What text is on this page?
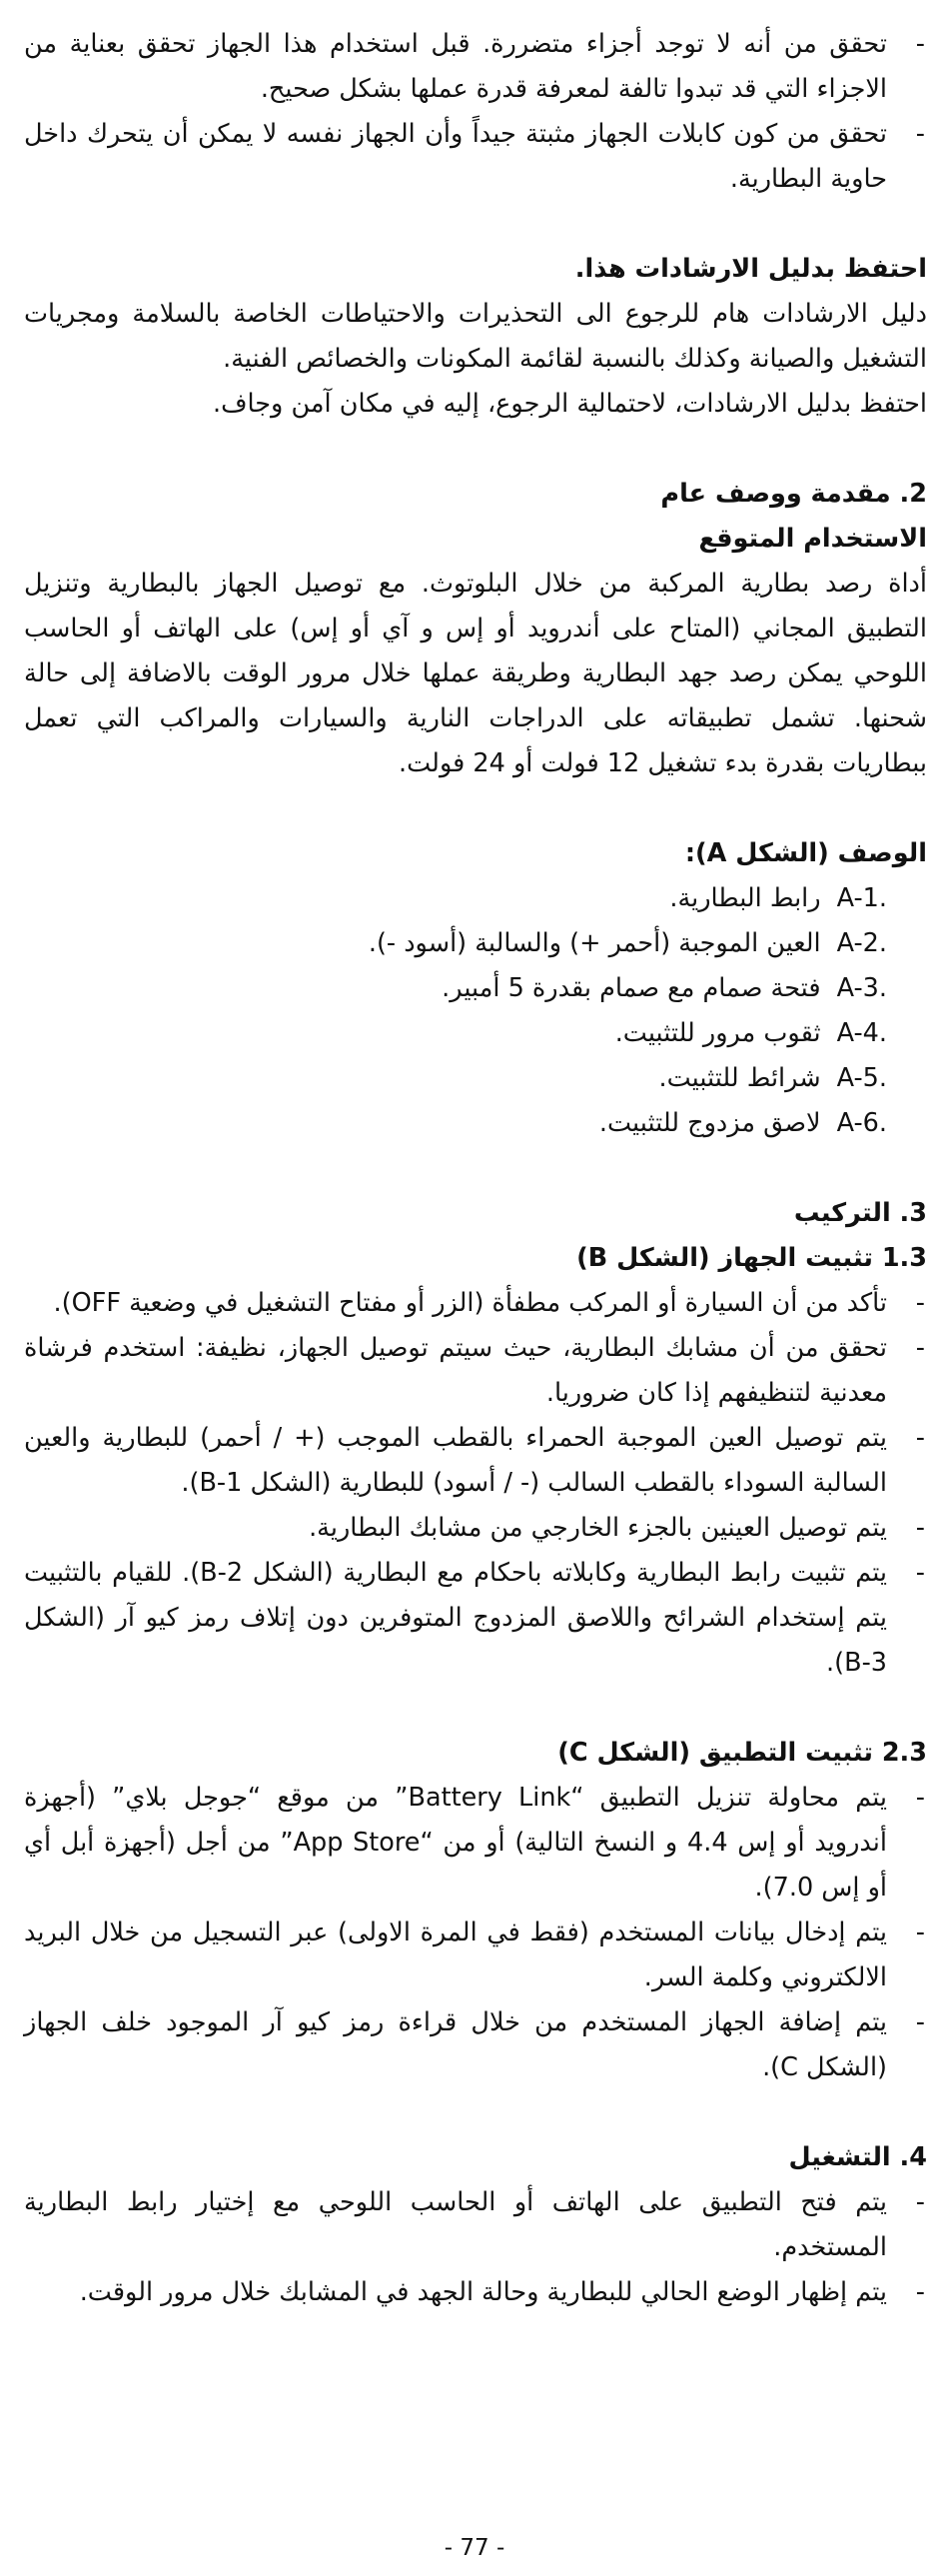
- تحقق من أنه لا توجد أجزاء متضررة. قبل استخدام هذا الجهاز تحقق بعناية من الاجزاء التي قد تبدوا تالفة لمعرفة قدرة عملها بشكل صحيح.
- تحقق من كون كابلات الجهاز مثبتة جيداً وأن الجهاز نفسه لا يمكن أن يتحرك داخل حاوية البطارية.
احتفظ بدليل الارشادات هذا.
دليل الارشادات هام للرجوع الى التحذيرات والاحتياطات الخاصة بالسلامة ومجريات التشغيل والصيانة وكذلك بالنسبة لقائمة المكونات والخصائص الفنية.
احتفظ بدليل الارشادات، لاحتمالية الرجوع، إليه في مكان آمن وجاف.
2. مقدمة ووصف عام
الاستخدام المتوقع
أداة رصد بطارية المركبة من خلال البلوتوث. مع توصيل الجهاز بالبطارية وتنزيل التطبيق المجاني (المتاح على أندرويد أو إس و آي أو إس) على الهاتف أو الحاسب اللوحي يمكن رصد جهد البطارية وطريقة عملها خلال مرور الوقت بالاضافة إلى حالة شحنها. تشمل تطبيقاته على الدراجات النارية والسيارات والمراكب التي تعمل ببطاريات بقدرة بدء تشغيل 12 فولت أو 24 فولت.
الوصف (الشكل A):
A-1.رابط البطارية.
A-2.العين الموجبة (أحمر +) والسالبة (أسود -).
A-3.فتحة صمام مع صمام بقدرة 5 أمبير.
A-4.ثقوب مرور للتثبيت.
A-5.شرائط للتثبيت.
A-6.لاصق مزدوج للتثبيت.
3. التركيب
1.3 تثبيت الجهاز (الشكل B)
- تأكد من أن السيارة أو المركب مطفأة (الزر أو مفتاح التشغيل في وضعية OFF).
- تحقق من أن مشابك البطارية، حيث سيتم توصيل الجهاز، نظيفة: استخدم فرشاة معدنية لتنظيفهم إذا كان ضروريا.
- يتم توصيل العين الموجبة الحمراء بالقطب الموجب (+ / أحمر) للبطارية والعين السالبة السوداء بالقطب السالب (- / أسود) للبطارية (الشكل B-1).
- يتم توصيل العينين بالجزء الخارجي من مشابك البطارية.
- يتم تثبيت رابط البطارية وكابلاته باحكام مع البطارية (الشكل B-2). للقيام بالتثبيت يتم إستخدام الشرائح واللاصق المزدوج المتوفرين دون إتلاف رمز كيو آر (الشكل B-3).
2.3 تثبيت التطبيق (الشكل C)
- يتم محاولة تنزيل التطبيق “Battery Link” من موقع “جوجل بلاي” (أجهزة أندرويد أو إس 4.4 و النسخ التالية) أو من “App Store” من أجل (أجهزة أبل أي أو إس 7.0).
- يتم إدخال بيانات المستخدم (فقط في المرة الاولى) عبر التسجيل من خلال البريد الالكتروني وكلمة السر.
- يتم إضافة الجهاز المستخدم من خلال قراءة رمز كيو آر الموجود خلف الجهاز (الشكل C).
4. التشغيل
- يتم فتح التطبيق على الهاتف أو الحاسب اللوحي مع إختيار رابط البطارية المستخدم.
- يتم إظهار الوضع الحالي للبطارية وحالة الجهد في المشابك خلال مرور الوقت.
- 77 -
